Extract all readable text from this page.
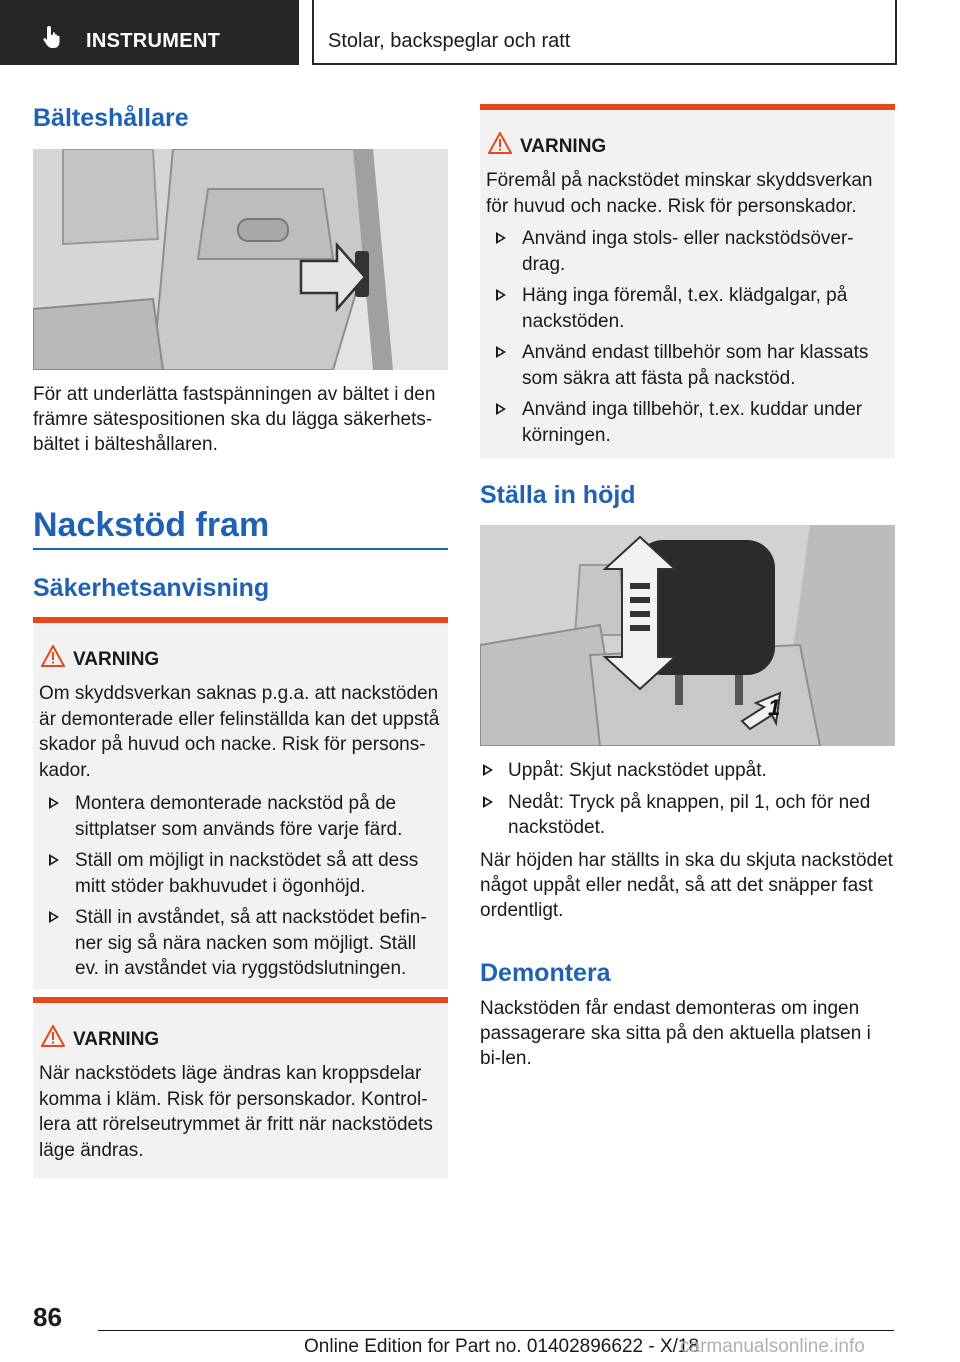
INSTRUMENT	Stolar, backspeglar och ratt
Bälteshållare

För att underlätta fastspänningen av bältet i den främre sätespositionen ska du lägga säkerhets-bältet i bälteshållaren.

Nackstöd fram
Säkerhetsanvisning
VARNING
Om skyddsverkan saknas p.g.a. att nackstöden är demonterade eller felinställda kan det uppstå skador på huvud och nacke. Risk för persons-kador.
Montera demonterade nackstöd på de sittplatser som används före varje färd.
Ställ om möjligt in nackstödet så att dess mitt stöder bakhuvudet i ögonhöjd.
Ställ in avståndet, så att nackstödet befin-ner sig så nära nacken som möjligt. Ställ ev. in avståndet via ryggstödslutningen.
VARNING
När nackstödets läge ändras kan kroppsdelar komma i kläm. Risk för personskador. Kontrol-lera att rörelseutrymmet är fritt när nackstödets läge ändras.
VARNING
Föremål på nackstödet minskar skyddsverkan för huvud och nacke. Risk för personskador.
Använd inga stols- eller nackstödsöver-drag.
Häng inga föremål, t.ex. klädgalgar, på nackstöden.
Använd endast tillbehör som har klassats som säkra att fästa på nackstöd.
Använd inga tillbehör, t.ex. kuddar under körningen.
Ställa in höjd
1
Uppåt: Skjut nackstödet uppåt.
Nedåt: Tryck på knappen, pil 1, och för ned nackstödet.

När höjden har ställts in ska du skjuta nackstödet något uppåt eller nedåt, så att det snäpper fast ordentligt.

Demontera

Nackstöden får endast demonteras om ingen passagerare ska sitta på den aktuella platsen i bi-len.

86
Online Edition for Part no. 01402896622 - X/18
carmanualsonline.info
